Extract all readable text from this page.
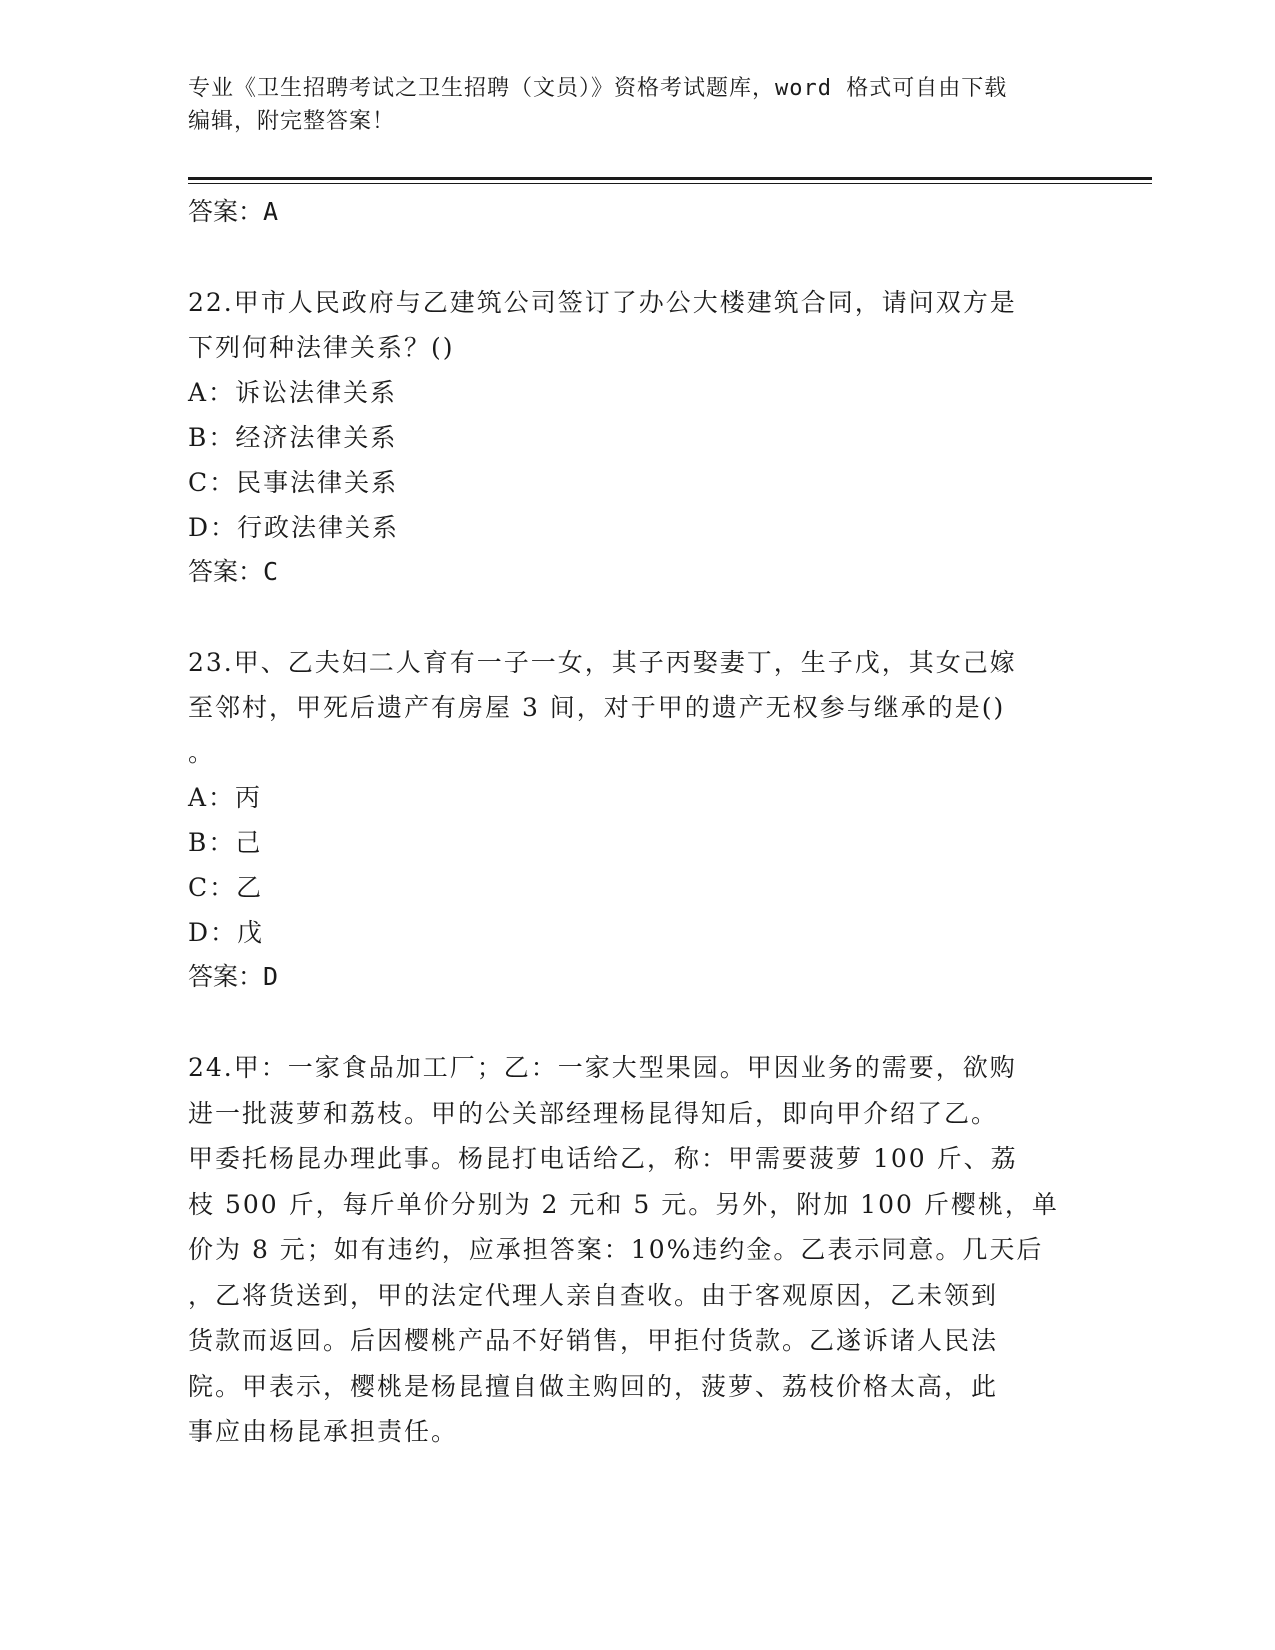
专业《卫生招聘考试之卫生招聘（文员）》资格考试题库，word 格式可自由下载
编辑，附完整答案！

答案：A

22.甲市人民政府与乙建筑公司签订了办公大楼建筑合同，请问双方是

下列何种法律关系？()

A：诉讼法律关系

B：经济法律关系

C：民事法律关系

D：行政法律关系

答案：C

23.甲、乙夫妇二人育有一子一女，其子丙娶妻丁，生子戊，其女己嫁

至邻村，甲死后遗产有房屋 3 间，对于甲的遗产无权参与继承的是()

。

A：丙

B：己

C：乙

D：戊

答案：D

24.甲：一家食品加工厂；乙：一家大型果园。甲因业务的需要，欲购

进一批菠萝和荔枝。甲的公关部经理杨昆得知后，即向甲介绍了乙。

甲委托杨昆办理此事。杨昆打电话给乙，称：甲需要菠萝 100 斤、荔

枝 500 斤，每斤单价分别为 2 元和 5 元。另外，附加 100 斤樱桃，单

价为 8 元；如有违约，应承担答案：10%违约金。乙表示同意。几天后

，乙将货送到，甲的法定代理人亲自查收。由于客观原因，乙未领到

货款而返回。后因樱桃产品不好销售，甲拒付货款。乙遂诉诸人民法

院。甲表示，樱桃是杨昆擅自做主购回的，菠萝、荔枝价格太高，此

事应由杨昆承担责任。
